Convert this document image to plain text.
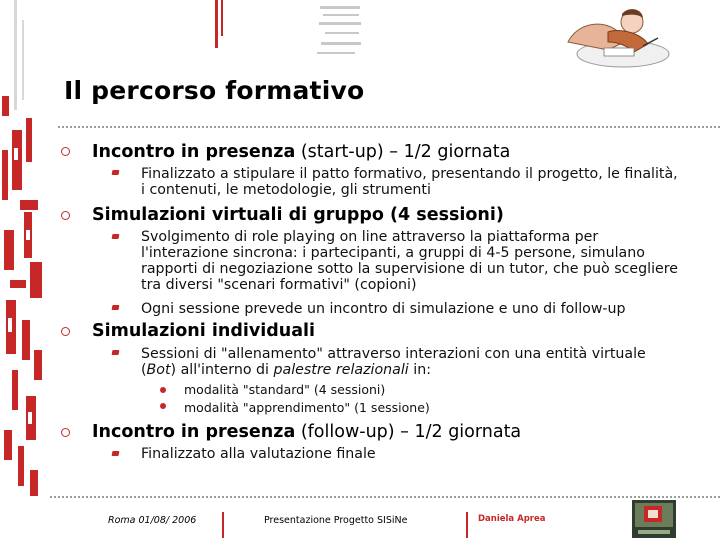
Il percorso formativo
Incontro in presenza (start-up) – 1/2 giornata
Finalizzato a stipulare il patto formativo, presentando il progetto, le finalità,
i contenuti, le metodologie, gli strumenti
Simulazioni virtuali di gruppo (4 sessioni)
Svolgimento di role playing on line attraverso la piattaforma per
l'interazione sincrona: i partecipanti, a gruppi di 4-5 persone, simulano
rapporti di negoziazione sotto la supervisione di un tutor, che può scegliere
tra diversi "scenari formativi" (copioni)
Ogni sessione prevede un incontro di simulazione e uno di follow-up
Simulazioni individuali
Sessioni di "allenamento" attraverso interazioni con una entità virtuale
(Bot) all'interno di palestre relazionali in:
modalità "standard" (4 sessioni)
modalità "apprendimento" (1 sessione)
Incontro in presenza (follow-up) – 1/2 giornata
Finalizzato alla valutazione finale
Roma 01/08/ 2006	Presentazione Progetto SISiNe	Daniela Aprea
